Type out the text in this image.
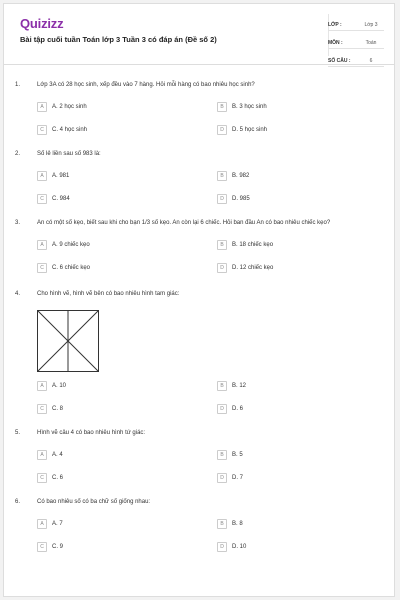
Quizizz
Bài tập cuối tuần Toán lớp 3 Tuần 3 có đáp án (Đề số 2)
LỚP :	Lớp 3
MÔN :	Toán
SỐ CÂU :	6
1.	Lớp 3A có 28 học sinh, xếp đều vào 7 hàng. Hỏi mỗi hàng có bao nhiêu học sinh?
A	A. 2 học sinh	B	B. 3 học sinh
C	C. 4 học sinh	D	D. 5 học sinh
2.	Số lẻ liền sau số 983 là:
A	A. 981	B	B. 982
C	C. 984	D	D. 985
3.	An có một số kẹo, biết sau khi cho bạn 1/3 số kẹo. An còn lại 6 chiếc. Hỏi ban đầu An có bao nhiêu chiếc kẹo?
A	A. 9 chiếc kẹo	B	B. 18 chiếc kẹo
C	C. 6 chiếc kẹo	D	D. 12 chiếc kẹo
4.	Cho hình vẽ, hình vẽ bên có bao nhiêu hình tam giác:
A	A. 10	B	B. 12
C	C. 8	D	D. 6
5.	Hình vẽ câu 4 có bao nhiêu hình tứ giác:
A	A. 4	B	B. 5
C	C. 6	D	D. 7
6.	Có bao nhiêu số có ba chữ số giống nhau:
A	A. 7	B	B. 8
C	C. 9	D	D. 10
